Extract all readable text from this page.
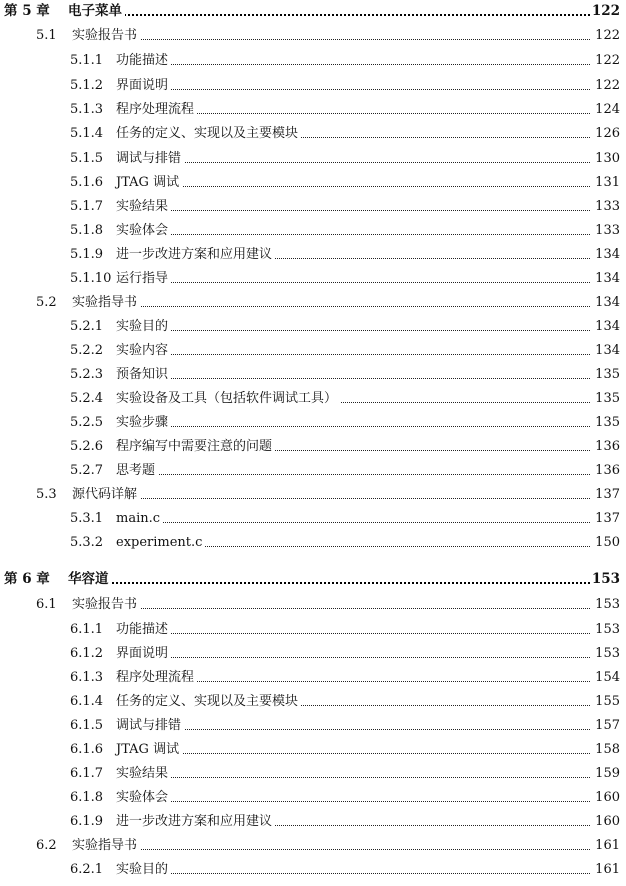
第 5 章 电子菜单	122
5.1 实验报告书	122
5.1.1 功能描述	122
5.1.2 界面说明	122
5.1.3 程序处理流程	124
5.1.4 任务的定义、实现以及主要模块	126
5.1.5 调试与排错	130
5.1.6 JTAG 调试	131
5.1.7 实验结果	133
5.1.8 实验体会	133
5.1.9 进一步改进方案和应用建议	134
5.1.10 运行指导	134
5.2 实验指导书	134
5.2.1 实验目的	134
5.2.2 实验内容	134
5.2.3 预备知识	135
5.2.4 实验设备及工具（包括软件调试工具）	135
5.2.5 实验步骤	135
5.2.6 程序编写中需要注意的问题	136
5.2.7 思考题	136
5.3 源代码详解	137
5.3.1 main.c	137
5.3.2 experiment.c	150
第 6 章 华容道	153
6.1 实验报告书	153
6.1.1 功能描述	153
6.1.2 界面说明	153
6.1.3 程序处理流程	154
6.1.4 任务的定义、实现以及主要模块	155
6.1.5 调试与排错	157
6.1.6 JTAG 调试	158
6.1.7 实验结果	159
6.1.8 实验体会	160
6.1.9 进一步改进方案和应用建议	160
6.2 实验指导书	161
6.2.1 实验目的	161
